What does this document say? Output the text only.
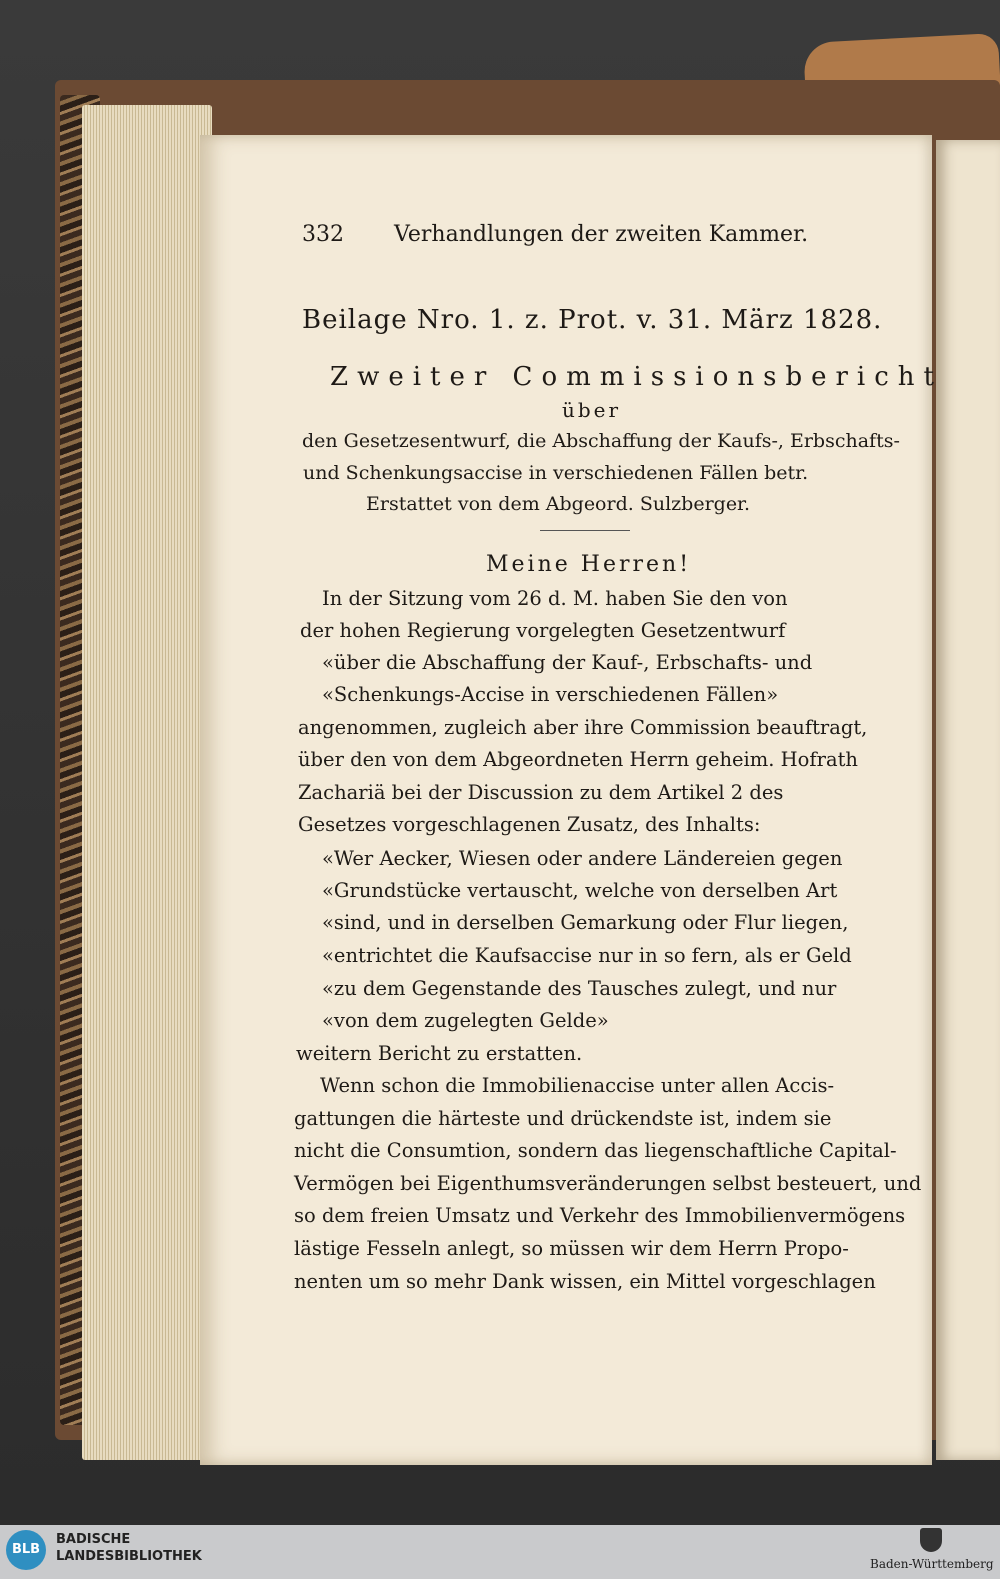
332 Verhandlungen der zweiten Kammer.
Beilage Nro. 1. z. Prot. v. 31. März 1828.
Zweiter Commissionsbericht
über
den Gesetzesentwurf, die Abschaffung der Kaufs-, Erbschafts-
und Schenkungsaccise in verschiedenen Fällen betr.
Erstattet von dem Abgeord. Sulzberger.
Meine Herren!
In der Sitzung vom 26 d. M. haben Sie den von
der hohen Regierung vorgelegten Gesetzentwurf
«über die Abschaffung der Kauf-, Erbschafts- und
«Schenkungs-Accise in verschiedenen Fällen»
angenommen, zugleich aber ihre Commission beauftragt,
über den von dem Abgeordneten Herrn geheim. Hofrath
Zachariä bei der Discussion zu dem Artikel 2 des
Gesetzes vorgeschlagenen Zusatz, des Inhalts:
«Wer Aecker, Wiesen oder andere Ländereien gegen
«Grundstücke vertauscht, welche von derselben Art
«sind, und in derselben Gemarkung oder Flur liegen,
«entrichtet die Kaufsaccise nur in so fern, als er Geld
«zu dem Gegenstande des Tausches zulegt, und nur
«von dem zugelegten Gelde»
weitern Bericht zu erstatten.
Wenn schon die Immobilienaccise unter allen Accis-
gattungen die härteste und drückendste ist, indem sie
nicht die Consumtion, sondern das liegenschaftliche Capital-
Vermögen bei Eigenthumsveränderungen selbst besteuert, und
so dem freien Umsatz und Verkehr des Immobilienvermögens
lästige Fesseln anlegt, so müssen wir dem Herrn Propo-
nenten um so mehr Dank wissen, ein Mittel vorgeschlagen
BLB
BADISCHE
LANDESBIBLIOTHEK	Baden-Württemberg
